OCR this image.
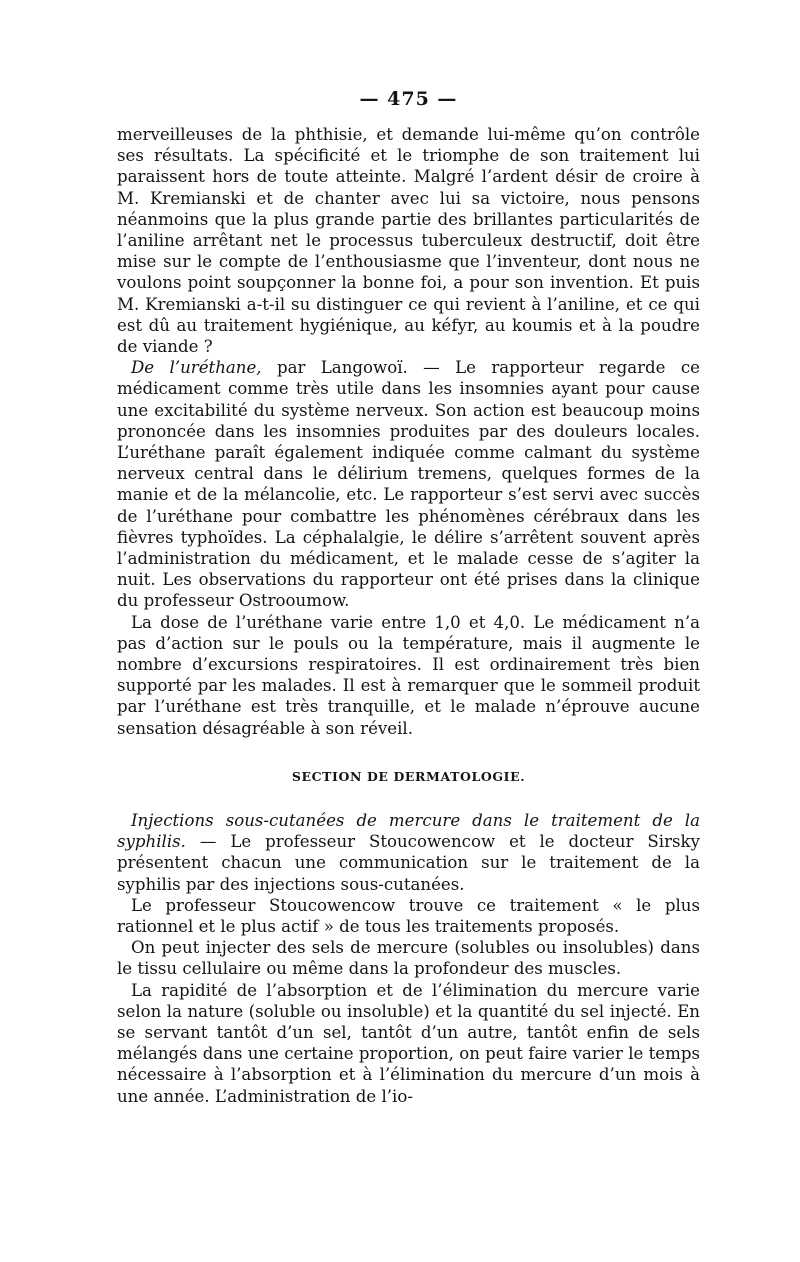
— 475 —

merveilleuses de la phthisie, et demande lui-même qu’on contrôle ses résultats. La spécificité et le triomphe de son traitement lui paraissent hors de toute atteinte. Malgré l’ardent désir de croire à M. Kremianski et de chanter avec lui sa victoire, nous pensons néanmoins que la plus grande partie des brillantes particularités de l’aniline arrêtant net le processus tuberculeux destructif, doit être mise sur le compte de l’enthousiasme que l’inventeur, dont nous ne voulons point soupçonner la bonne foi, a pour son invention. Et puis M. Kremianski a-t-il su distinguer ce qui revient à l’aniline, et ce qui est dû au traitement hygiénique, au kéfyr, au koumis et à la poudre de viande ?

De l’uréthane, par Langowoï. — Le rapporteur regarde ce médicament comme très utile dans les insomnies ayant pour cause une excitabilité du système nerveux. Son action est beaucoup moins prononcée dans les insomnies produites par des douleurs locales. L’uréthane paraît également indiquée comme calmant du système nerveux central dans le délirium tremens, quelques formes de la manie et de la mélancolie, etc. Le rapporteur s’est servi avec succès de l’uréthane pour combattre les phénomènes cérébraux dans les fièvres typhoïdes. La céphalalgie, le délire s’arrêtent souvent après l’administration du médicament, et le malade cesse de s’agiter la nuit. Les observations du rapporteur ont été prises dans la clinique du professeur Ostrooumow.

La dose de l’uréthane varie entre 1,0 et 4,0. Le médicament n’a pas d’action sur le pouls ou la température, mais il augmente le nombre d’excursions respiratoires. Il est ordinairement très bien supporté par les malades. Il est à remarquer que le sommeil produit par l’uréthane est très tranquille, et le malade n’éprouve aucune sensation désagréable à son réveil.

SECTION DE DERMATOLOGIE.

Injections sous-cutanées de mercure dans le traitement de la syphilis. — Le professeur Stoucowencow et le docteur Sirsky présentent chacun une communication sur le traitement de la syphilis par des injections sous-cutanées.

Le professeur Stoucowencow trouve ce traitement « le plus rationnel et le plus actif » de tous les traitements proposés.

On peut injecter des sels de mercure (solubles ou insolubles) dans le tissu cellulaire ou même dans la profondeur des muscles.

La rapidité de l’absorption et de l’élimination du mercure varie selon la nature (soluble ou insoluble) et la quantité du sel injecté. En se servant tantôt d’un sel, tantôt d’un autre, tantôt enfin de sels mélangés dans une certaine proportion, on peut faire varier le temps nécessaire à l’absorption et à l’élimination du mercure d’un mois à une année. L’administration de l’io-
